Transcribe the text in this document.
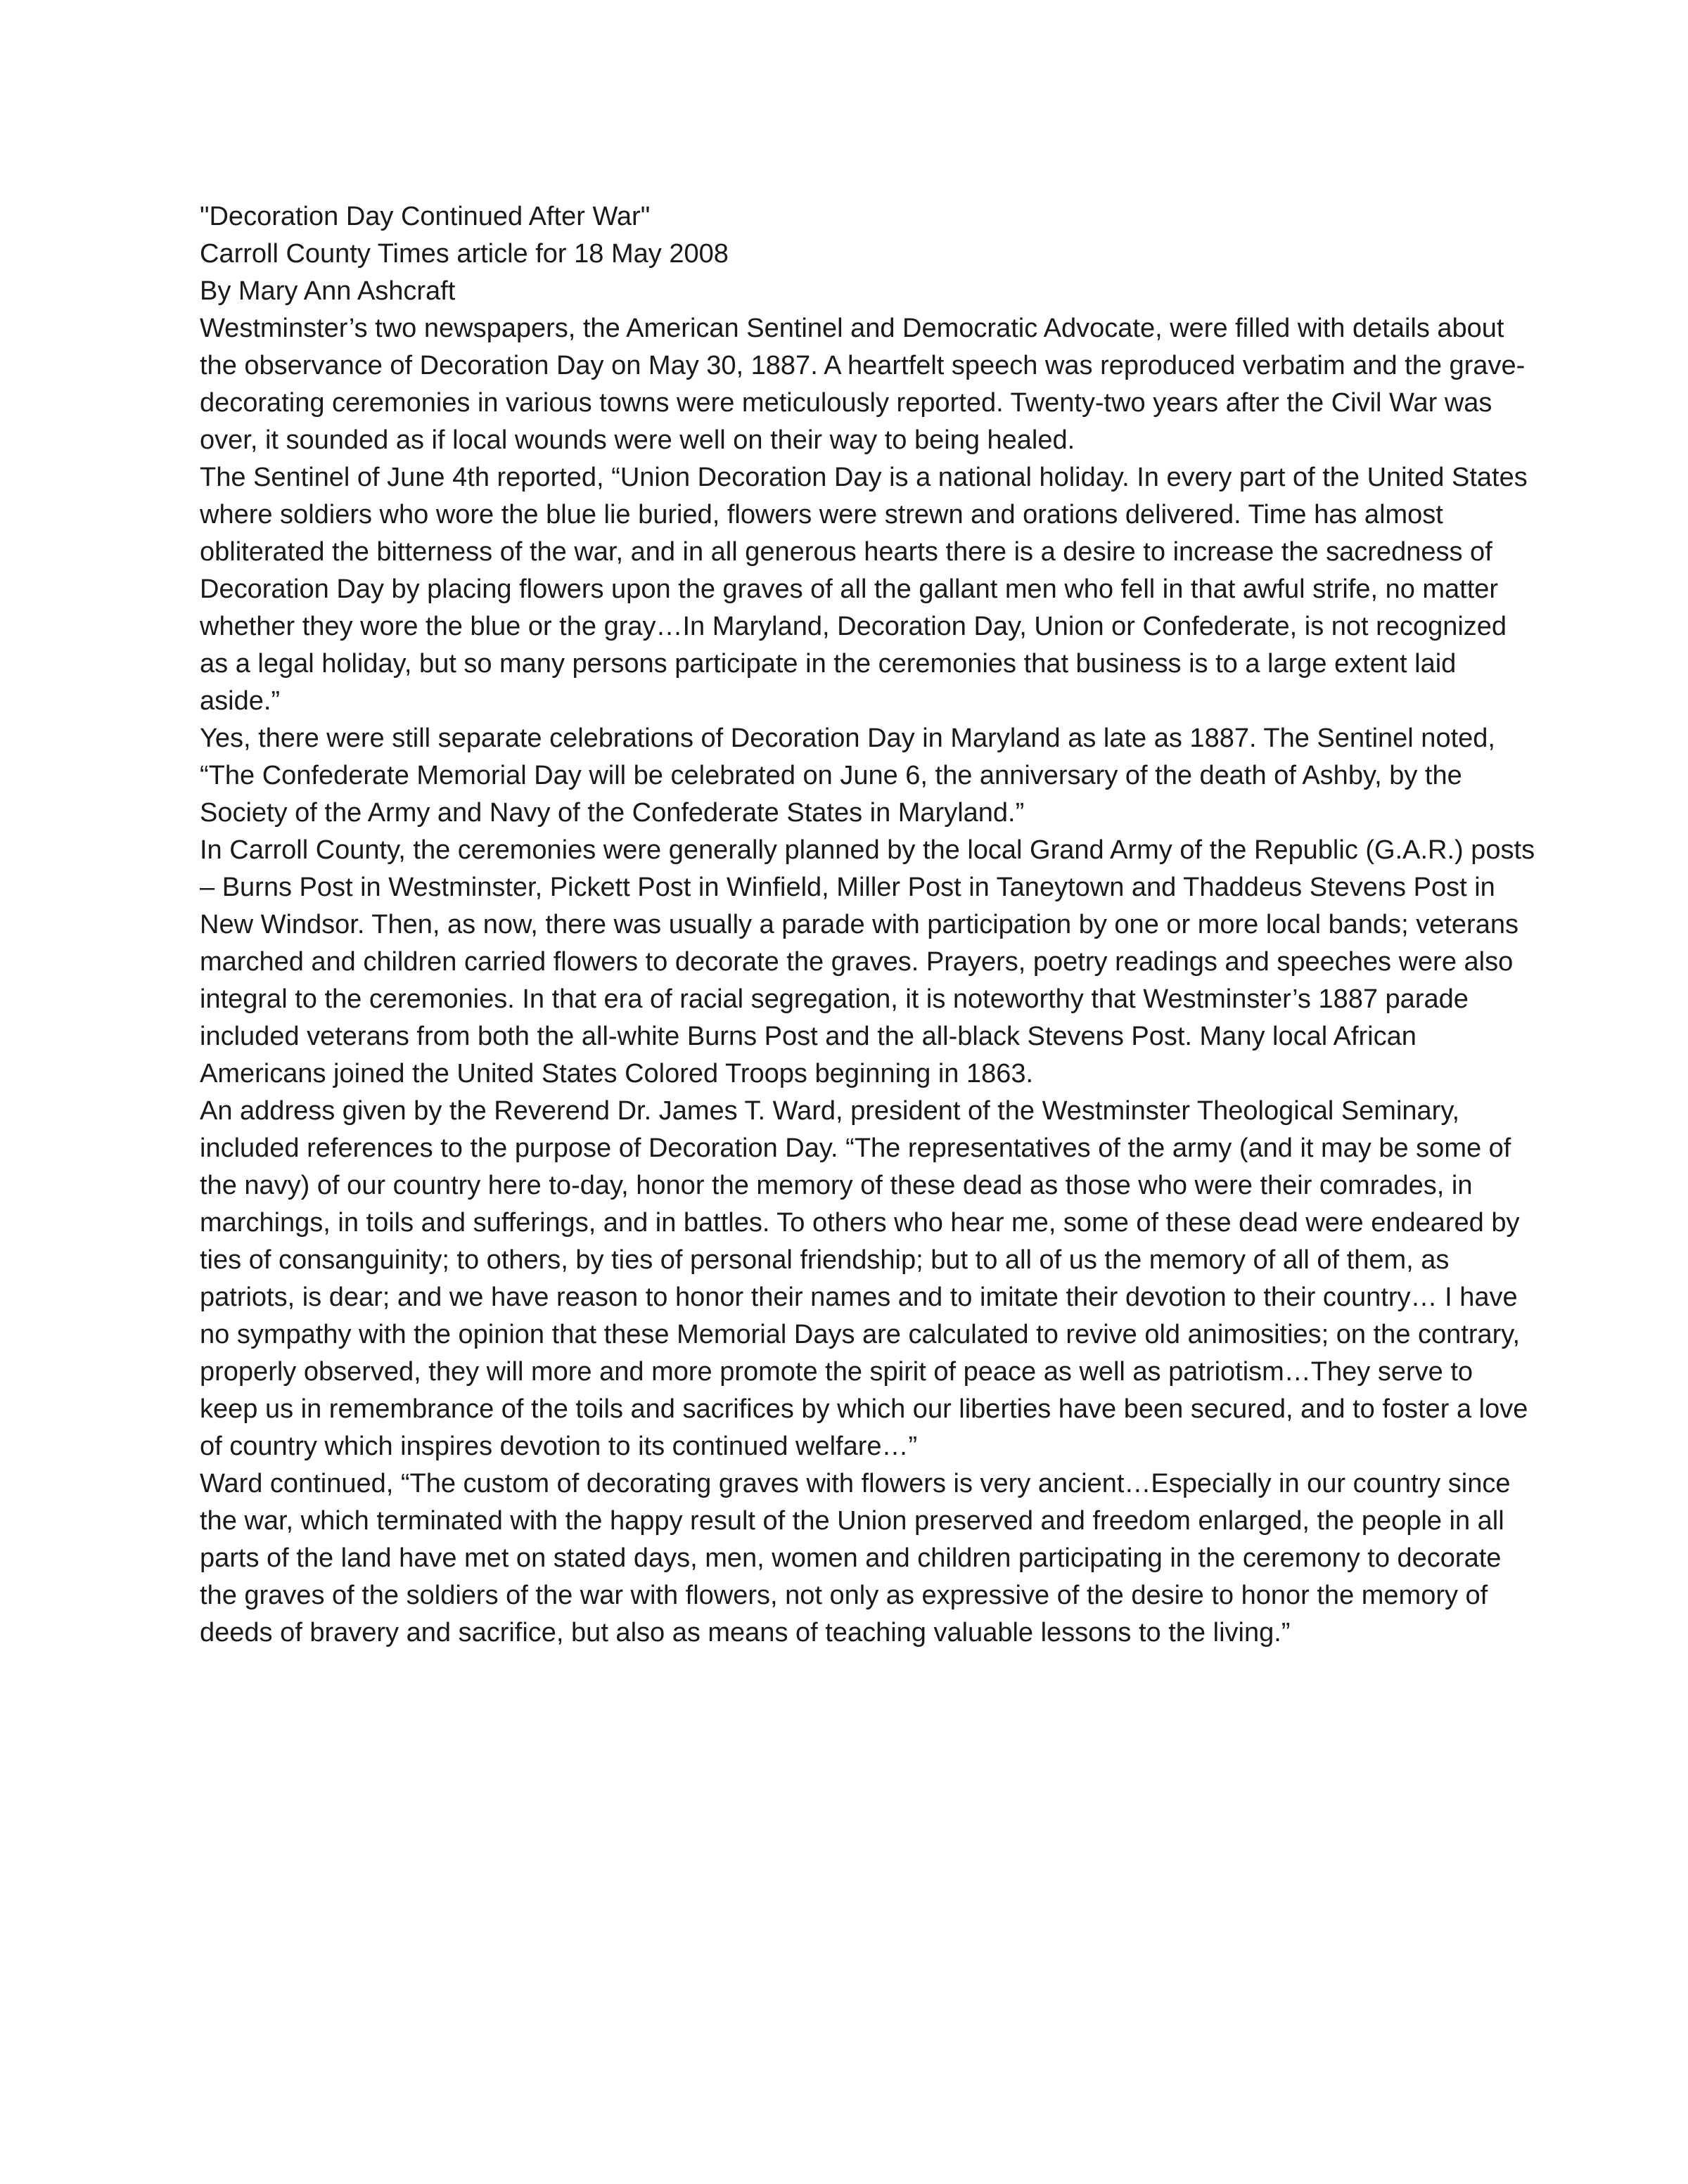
"Decoration Day Continued After War"

Carroll County Times article for 18 May 2008

By Mary Ann Ashcraft

Westminster’s two newspapers, the American Sentinel and Democratic Advocate, were filled with details about the observance of Decoration Day on May 30, 1887. A heartfelt speech was reproduced verbatim and the grave-decorating ceremonies in various towns were meticulously reported. Twenty-two years after the Civil War was over, it sounded as if local wounds were well on their way to being healed.

The Sentinel of June 4th reported, “Union Decoration Day is a national holiday. In every part of the United States where soldiers who wore the blue lie buried, flowers were strewn and orations delivered. Time has almost obliterated the bitterness of the war, and in all generous hearts there is a desire to increase the sacredness of Decoration Day by placing flowers upon the graves of all the gallant men who fell in that awful strife, no matter whether they wore the blue or the gray…In Maryland, Decoration Day, Union or Confederate, is not recognized as a legal holiday, but so many persons participate in the ceremonies that business is to a large extent laid aside.”

Yes, there were still separate celebrations of Decoration Day in Maryland as late as 1887. The Sentinel noted, “The Confederate Memorial Day will be celebrated on June 6, the anniversary of the death of Ashby, by the Society of the Army and Navy of the Confederate States in Maryland.”

In Carroll County, the ceremonies were generally planned by the local Grand Army of the Republic (G.A.R.) posts – Burns Post in Westminster, Pickett Post in Winfield, Miller Post in Taneytown and Thaddeus Stevens Post in New Windsor. Then, as now, there was usually a parade with participation by one or more local bands; veterans marched and children carried flowers to decorate the graves. Prayers, poetry readings and speeches were also integral to the ceremonies. In that era of racial segregation, it is noteworthy that Westminster’s 1887 parade included veterans from both the all-white Burns Post and the all-black Stevens Post. Many local African Americans joined the United States Colored Troops beginning in 1863.

An address given by the Reverend Dr. James T. Ward, president of the Westminster Theological Seminary, included references to the purpose of Decoration Day. “The representatives of the army (and it may be some of the navy) of our country here to-day, honor the memory of these dead as those who were their comrades, in marchings, in toils and sufferings, and in battles. To others who hear me, some of these dead were endeared by ties of consanguinity; to others, by ties of personal friendship; but to all of us the memory of all of them, as patriots, is dear; and we have reason to honor their names and to imitate their devotion to their country… I have no sympathy with the opinion that these Memorial Days are calculated to revive old animosities; on the contrary, properly observed, they will more and more promote the spirit of peace as well as patriotism…They serve to keep us in remembrance of the toils and sacrifices by which our liberties have been secured, and to foster a love of country which inspires devotion to its continued welfare…”

Ward continued, “The custom of decorating graves with flowers is very ancient…Especially in our country since the war, which terminated with the happy result of the Union preserved and freedom enlarged, the people in all parts of the land have met on stated days, men, women and children participating in the ceremony to decorate the graves of the soldiers of the war with flowers, not only as expressive of the desire to honor the memory of deeds of bravery and sacrifice, but also as means of teaching valuable lessons to the living.”
